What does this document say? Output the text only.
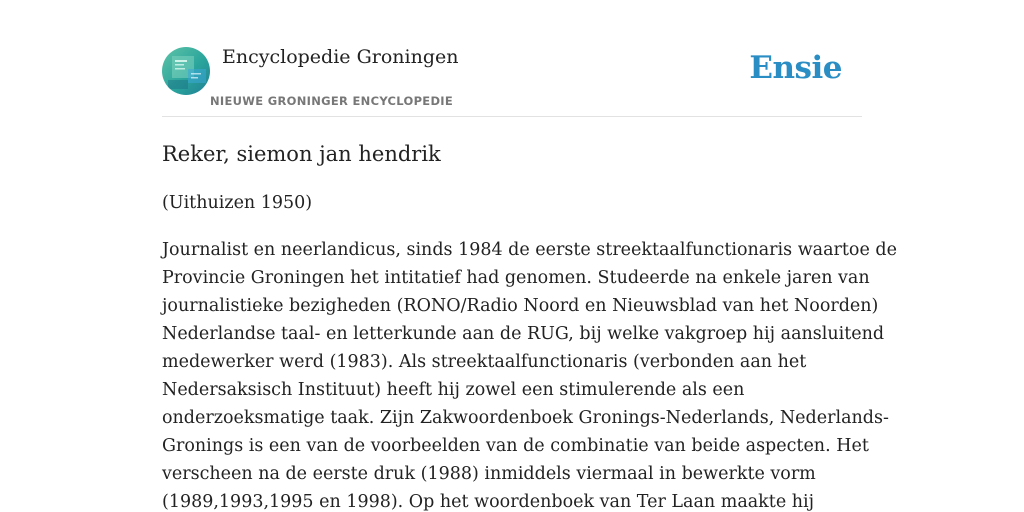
Encyclopedie Groningen
NIEUWE GRONINGER ENCYCLOPEDIE
Ensie
Reker, siemon jan hendrik

(Uithuizen 1950)

Journalist en neerlandicus, sinds 1984 de eerste streektaalfunctionaris waartoe de
Provincie Groningen het intitatief had genomen. Studeerde na enkele jaren van
journalistieke bezigheden (RONO/Radio Noord en Nieuwsblad van het Noorden)
Nederlandse taal- en letterkunde aan de RUG, bij welke vakgroep hij aansluitend
medewerker werd (1983). Als streektaalfunctionaris (verbonden aan het
Nedersaksisch Instituut) heeft hij zowel een stimulerende als een
onderzoeksmatige taak. Zijn Zakwoordenboek Gronings-Nederlands, Nederlands-
Gronings is een van de voorbeelden van de combinatie van beide aspecten. Het
verscheen na de eerste druk (1988) inmiddels viermaal in bewerkte vorm
(1989,1993,1995 en 1998). Op het woordenboek van Ter Laan maakte hij
